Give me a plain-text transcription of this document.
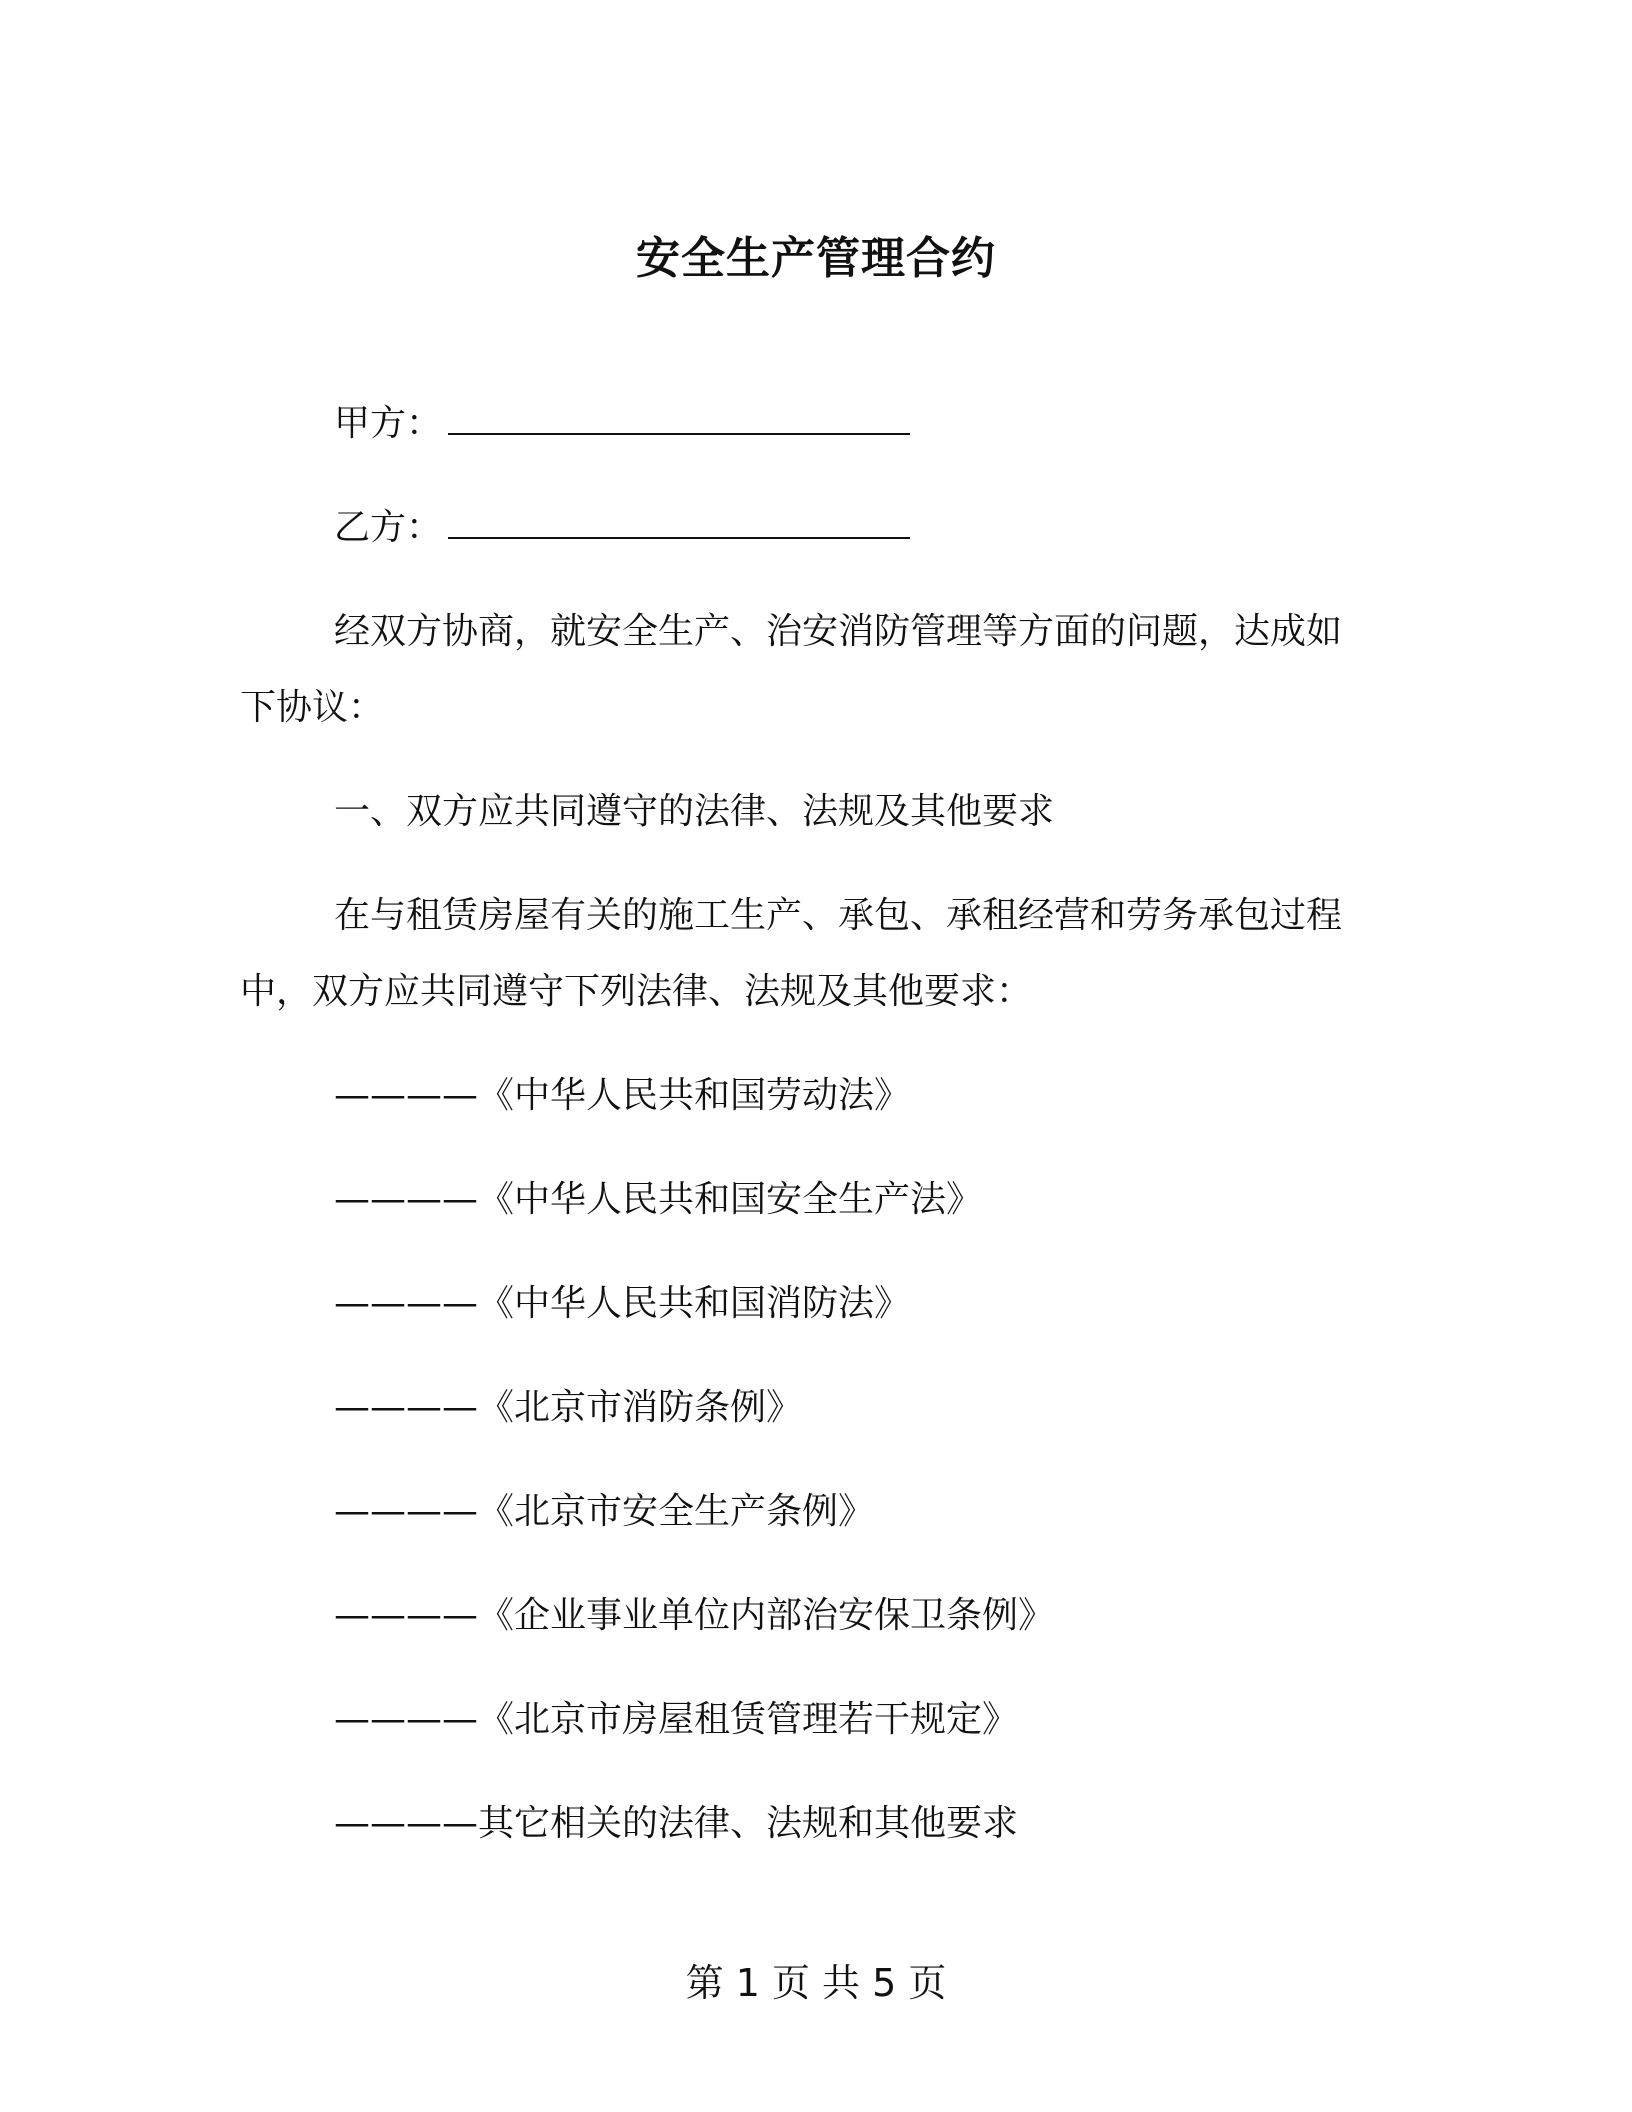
安全生产管理合约
甲方：
乙方：
经双方协商，就安全生产、治安消防管理等方面的问题，达成如
下协议：
一、双方应共同遵守的法律、法规及其他要求
在与租赁房屋有关的施工生产、承包、承租经营和劳务承包过程
中，双方应共同遵守下列法律、法规及其他要求：
————《中华人民共和国劳动法》
————《中华人民共和国安全生产法》
————《中华人民共和国消防法》
————《北京市消防条例》
————《北京市安全生产条例》
————《企业事业单位内部治安保卫条例》
————《北京市房屋租赁管理若干规定》
————其它相关的法律、法规和其他要求
第 1 页 共 5 页
